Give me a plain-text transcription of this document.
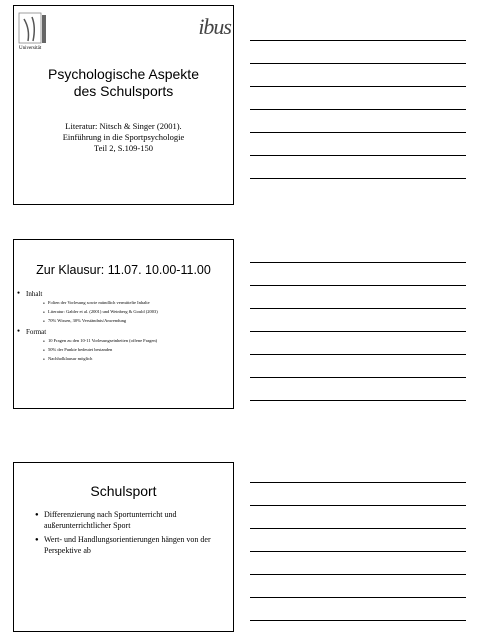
Universität
ibus
Psychologische Aspekte des Schulsports
Literatur: Nitsch & Singer (2001).
Einführung in die Sportpsychologie
Teil 2, S.109-150
Zur Klausur: 11.07. 10.00-11.00
● Inhalt
● Folien der Vorlesung sowie mündlich vermittelte Inhalte
● Literatur: Gabler et al. (2001) und Weinberg & Gould (2003)
● 70% Wissen, 30% Verständnis/Anwendung
● Format
● 10 Fragen zu den 10-11 Vorlesungseinheiten (offene Fragen)
● 50% der Punkte bedeutet bestanden
● Nachholklausur möglich
Schulsport
● Differenzierung nach Sportunterricht und außerunterrichtlicher Sport
● Wert- und Handlungsorientierungen hängen von der Perspektive ab
